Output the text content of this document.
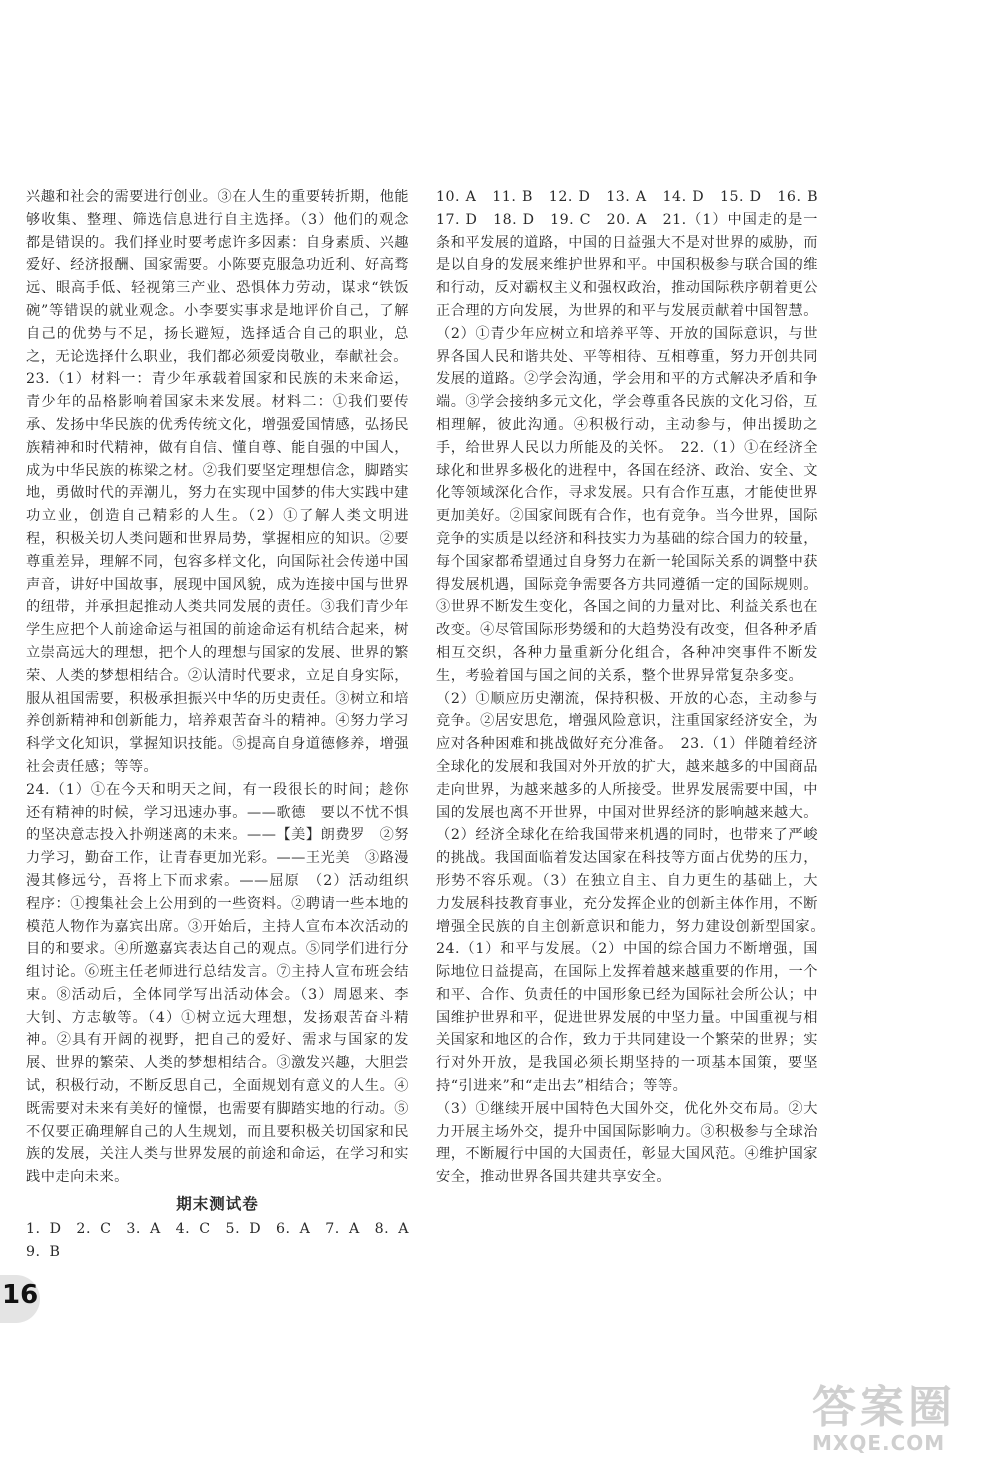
兴趣和社会的需要进行创业。③在人生的重要转折期，他能够收集、整理、筛选信息进行自主选择。（3）他们的观念都是错误的。我们择业时要考虑许多因素：自身素质、兴趣爱好、经济报酬、国家需要。小陈要克服急功近利、好高骛远、眼高手低、轻视第三产业、恐惧体力劳动，谋求“铁饭碗”等错误的就业观念。小李要实事求是地评价自己，了解自己的优势与不足，扬长避短，选择适合自己的职业，总之，无论选择什么职业，我们都必须爱岗敬业，奉献社会。

23.（1）材料一：青少年承载着国家和民族的未来命运，青少年的品格影响着国家未来发展。材料二：①我们要传承、发扬中华民族的优秀传统文化，增强爱国情感，弘扬民族精神和时代精神，做有自信、懂自尊、能自强的中国人，成为中华民族的栋梁之材。②我们要坚定理想信念，脚踏实地，勇做时代的弄潮儿，努力在实现中国梦的伟大实践中建功立业，创造自己精彩的人生。（2）①了解人类文明进程，积极关切人类问题和世界局势，掌握相应的知识。②要尊重差异，理解不同，包容多样文化，向国际社会传递中国声音，讲好中国故事，展现中国风貌，成为连接中国与世界的纽带，并承担起推动人类共同发展的责任。③我们青少年学生应把个人前途命运与祖国的前途命运有机结合起来，树立崇高远大的理想，把个人的理想与国家的发展、世界的繁荣、人类的梦想相结合。②认清时代要求，立足自身实际，服从祖国需要，积极承担振兴中华的历史责任。③树立和培养创新精神和创新能力，培养艰苦奋斗的精神。④努力学习科学文化知识，掌握知识技能。⑤提高自身道德修养，增强社会责任感；等等。

24.（1）①在今天和明天之间，有一段很长的时间；趁你还有精神的时候，学习迅速办事。——歌德　要以不忧不惧的坚决意志投入扑朔迷离的未来。——【美】朗费罗　②努力学习，勤奋工作，让青春更加光彩。——王光美　③路漫漫其修远兮，吾将上下而求索。——屈原　（2）活动组织程序：①搜集社会上公用到的一些资料。②聘请一些本地的模范人物作为嘉宾出席。③开始后，主持人宣布本次活动的目的和要求。④所邀嘉宾表达自己的观点。⑤同学们进行分组讨论。⑥班主任老师进行总结发言。⑦主持人宣布班会结束。⑧活动后，全体同学写出活动体会。（3）周恩来、李大钊、方志敏等。（4）①树立远大理想，发扬艰苦奋斗精神。②具有开阔的视野，把自己的爱好、需求与国家的发展、世界的繁荣、人类的梦想相结合。③激发兴趣，大胆尝试，积极行动，不断反思自己，全面规划有意义的人生。④既需要对未来有美好的憧憬，也需要有脚踏实地的行动。⑤不仅要正确理解自己的人生规划，而且要积极关切国家和民族的发展，关注人类与世界发展的前途和命运，在学习和实践中走向未来。

期末测试卷

1. D　2. C　3. A　4. C　5. D　6. A　7. A　8. A　9. B

10. A　11. B　12. D　13. A　14. D　15. D　16. B　17. D　18. D　19. C　20. A　21.（1）中国走的是一条和平发展的道路，中国的日益强大不是对世界的威胁，而是以自身的发展来维护世界和平。中国积极参与联合国的维和行动，反对霸权主义和强权政治，推动国际秩序朝着更公正合理的方向发展，为世界的和平与发展贡献着中国智慧。

（2）①青少年应树立和培养平等、开放的国际意识，与世界各国人民和谐共处、平等相待、互相尊重，努力开创共同发展的道路。②学会沟通，学会用和平的方式解决矛盾和争端。③学会接纳多元文化，学会尊重各民族的文化习俗，互相理解，彼此沟通。④积极行动，主动参与，伸出援助之手，给世界人民以力所能及的关怀。　22.（1）①在经济全球化和世界多极化的进程中，各国在经济、政治、安全、文化等领域深化合作，寻求发展。只有合作互惠，才能使世界更加美好。②国家间既有合作，也有竞争。当今世界，国际竞争的实质是以经济和科技实力为基础的综合国力的较量，每个国家都希望通过自身努力在新一轮国际关系的调整中获得发展机遇，国际竞争需要各方共同遵循一定的国际规则。③世界不断发生变化，各国之间的力量对比、利益关系也在改变。④尽管国际形势缓和的大趋势没有改变，但各种矛盾相互交织，各种力量重新分化组合，各种冲突事件不断发生，考验着国与国之间的关系，整个世界异常复杂多变。

（2）①顺应历史潮流，保持积极、开放的心态，主动参与竞争。②居安思危，增强风险意识，注重国家经济安全，为应对各种困难和挑战做好充分准备。　23.（1）伴随着经济全球化的发展和我国对外开放的扩大，越来越多的中国商品走向世界，为越来越多的人所接受。世界发展需要中国，中国的发展也离不开世界，中国对世界经济的影响越来越大。（2）经济全球化在给我国带来机遇的同时，也带来了严峻的挑战。我国面临着发达国家在科技等方面占优势的压力，形势不容乐观。（3）在独立自主、自力更生的基础上，大力发展科技教育事业，充分发挥企业的创新主体作用，不断增强全民族的自主创新意识和能力，努力建设创新型国家。　24.（1）和平与发展。（2）中国的综合国力不断增强，国际地位日益提高，在国际上发挥着越来越重要的作用，一个和平、合作、负责任的中国形象已经为国际社会所公认；中国维护世界和平，促进世界发展的中坚力量。中国重视与相关国家和地区的合作，致力于共同建设一个繁荣的世界；实行对外开放，是我国必须长期坚持的一项基本国策，要坚持“引进来”和“走出去”相结合；等等。

（3）①继续开展中国特色大国外交，优化外交布局。②大力开展主场外交，提升中国国际影响力。③积极参与全球治理，不断履行中国的大国责任，彰显大国风范。④维护国家安全，推动世界各国共建共享安全。

16
答案圈
MXQE.COM
